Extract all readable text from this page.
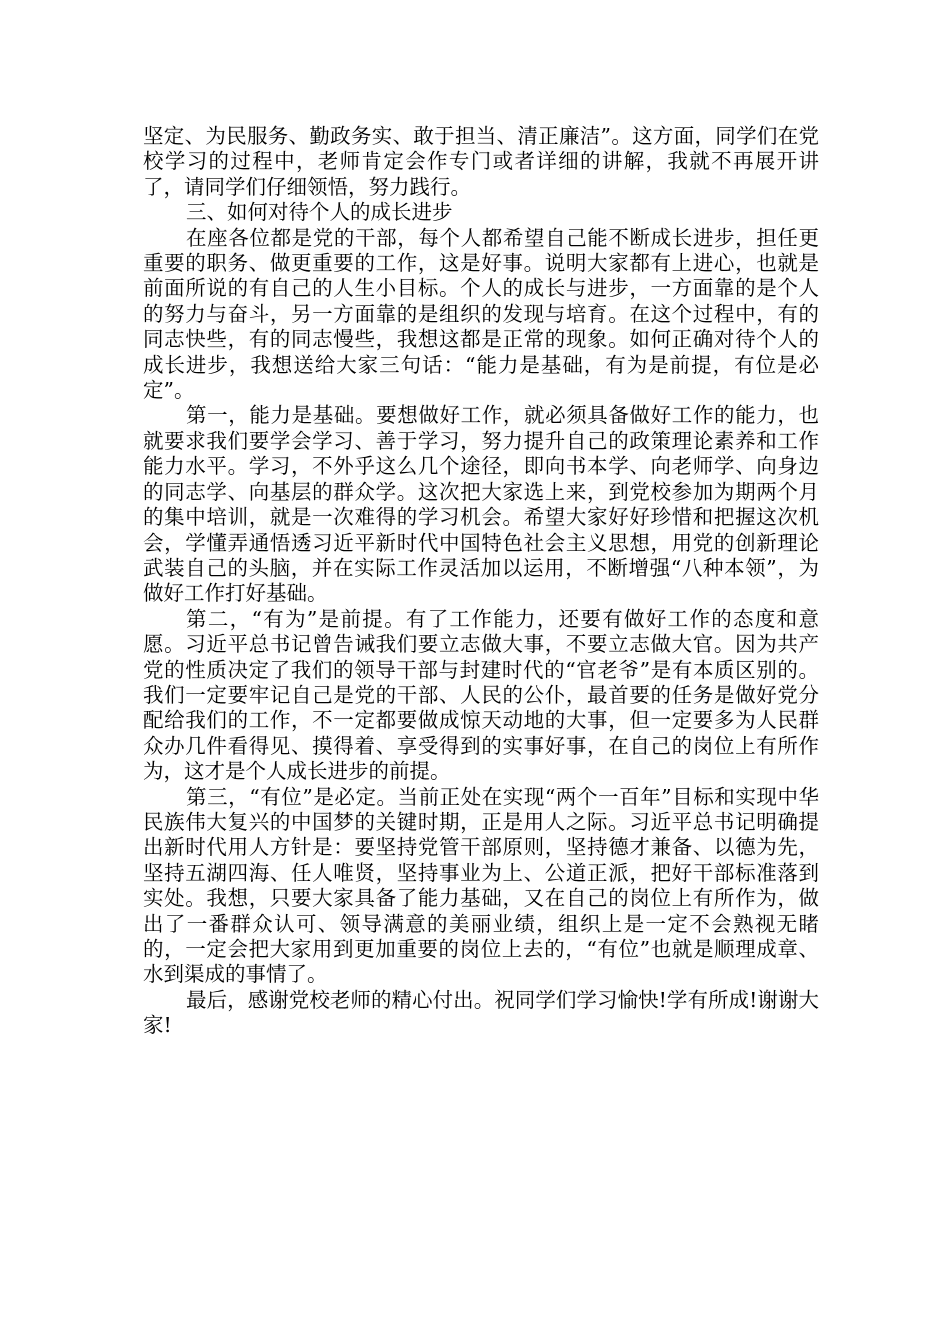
坚定、为民服务、勤政务实、敢于担当、清正廉洁”。这方面，同学们在党校学习的过程中，老师肯定会作专门或者详细的讲解，我就不再展开讲了，请同学们仔细领悟，努力践行。

三、如何对待个人的成长进步

在座各位都是党的干部，每个人都希望自己能不断成长进步，担任更重要的职务、做更重要的工作，这是好事。说明大家都有上进心，也就是前面所说的有自己的人生小目标。个人的成长与进步，一方面靠的是个人的努力与奋斗，另一方面靠的是组织的发现与培育。在这个过程中，有的同志快些，有的同志慢些，我想这都是正常的现象。如何正确对待个人的成长进步，我想送给大家三句话：“能力是基础，有为是前提，有位是必定”。

第一，能力是基础。要想做好工作，就必须具备做好工作的能力，也就要求我们要学会学习、善于学习，努力提升自己的政策理论素养和工作能力水平。学习，不外乎这么几个途径，即向书本学、向老师学、向身边的同志学、向基层的群众学。这次把大家选上来，到党校参加为期两个月的集中培训，就是一次难得的学习机会。希望大家好好珍惜和把握这次机会，学懂弄通悟透习近平新时代中国特色社会主义思想，用党的创新理论武装自己的头脑，并在实际工作灵活加以运用，不断增强“八种本领”，为做好工作打好基础。

第二，“有为”是前提。有了工作能力，还要有做好工作的态度和意愿。习近平总书记曾告诫我们要立志做大事，不要立志做大官。因为共产党的性质决定了我们的领导干部与封建时代的“官老爷”是有本质区别的。我们一定要牢记自己是党的干部、人民的公仆，最首要的任务是做好党分配给我们的工作，不一定都要做成惊天动地的大事，但一定要多为人民群众办几件看得见、摸得着、享受得到的实事好事，在自己的岗位上有所作为，这才是个人成长进步的前提。

第三，“有位”是必定。当前正处在实现“两个一百年”目标和实现中华民族伟大复兴的中国梦的关键时期，正是用人之际。习近平总书记明确提出新时代用人方针是：要坚持党管干部原则，坚持德才兼备、以德为先，坚持五湖四海、任人唯贤，坚持事业为上、公道正派，把好干部标准落到实处。我想，只要大家具备了能力基础，又在自己的岗位上有所作为，做出了一番群众认可、领导满意的美丽业绩，组织上是一定不会熟视无睹的，一定会把大家用到更加重要的岗位上去的，“有位”也就是顺理成章、水到渠成的事情了。

最后，感谢党校老师的精心付出。祝同学们学习愉快!学有所成!谢谢大家!
